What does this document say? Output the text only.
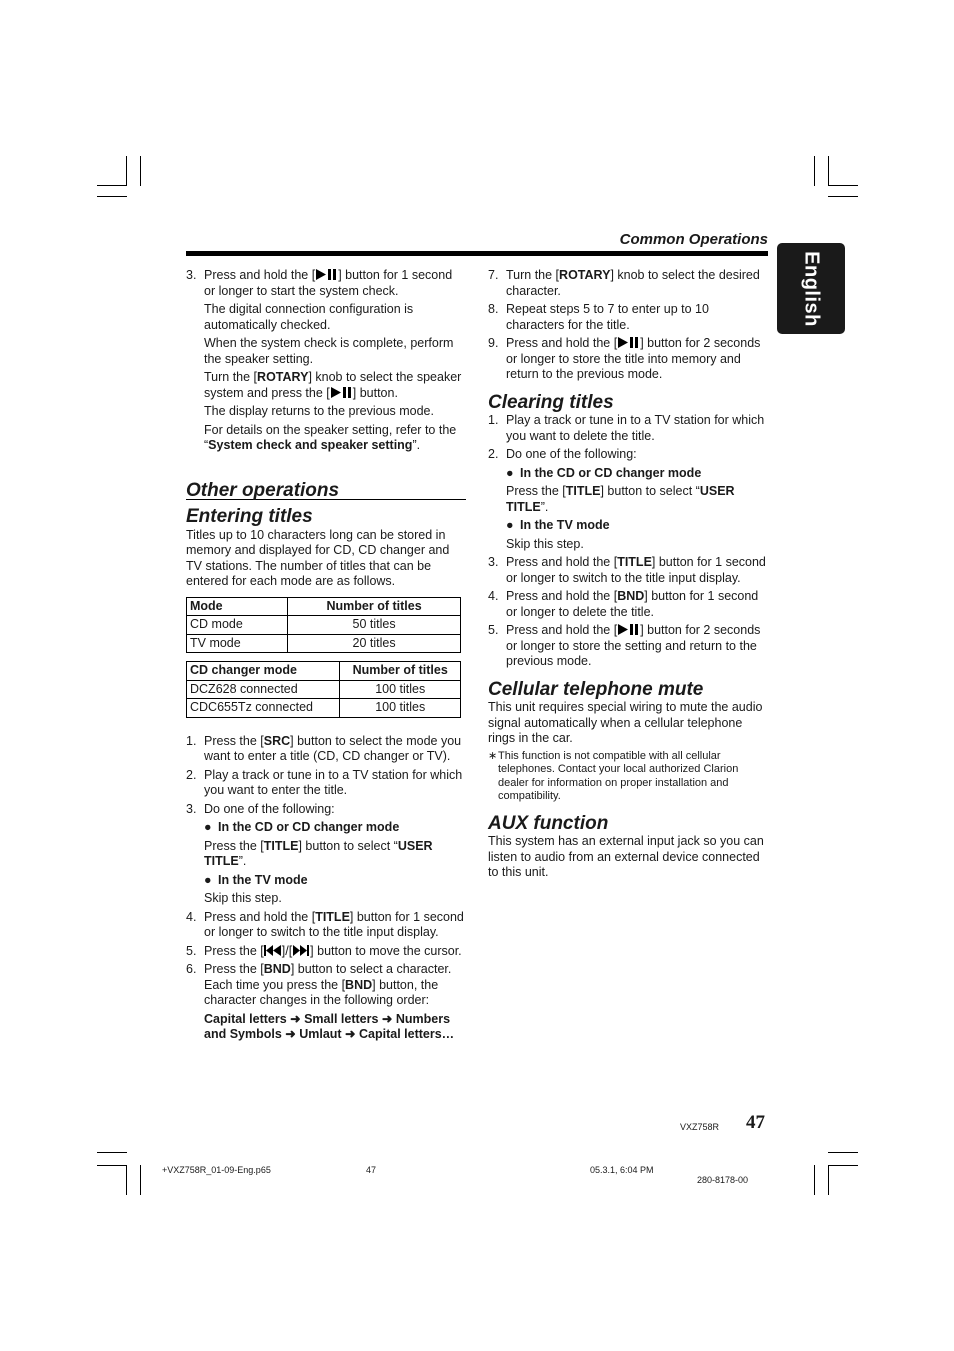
English
Common Operations
3. Press and hold the [ ] button for 1 second or longer to start the system check.
The digital connection configuration is automatically checked.
When the system check is complete, perform the speaker setting.
Turn the [ROTARY] knob to select the speaker system and press the [ ] button.
The display returns to the previous mode.
For details on the speaker setting, refer to the “System check and speaker setting”.
Other operations
Entering titles

Titles up to 10 characters long can be stored in memory and displayed for CD, CD changer and TV stations. The number of titles that can be entered for each mode are as follows.

Mode	Number of titles
CD mode	50 titles
TV mode	20 titles
CD changer mode	Number of titles
DCZ628 connected	100 titles
CDC655Tz connected	100 titles
1. Press the [SRC] button to select the mode you want to enter a title (CD, CD changer or TV).
2. Play a track or tune in to a TV station for which you want to enter the title.
3. Do one of the following:
● In the CD or CD changer mode
Press the [TITLE] button to select “USER TITLE”.
● In the TV mode
Skip this step.
4. Press and hold the [TITLE] button for 1 second or longer to switch to the title input display.
5. Press the [ ]/[ ] button to move the cursor.
6. Press the [BND] button to select a character. Each time you press the [BND] button, the character changes in the following order:
Capital letters ➜ Small letters ➜ Numbers and Symbols ➜ Umlaut ➜ Capital letters…
7. Turn the [ROTARY] knob to select the desired character.
8. Repeat steps 5 to 7 to enter up to 10 characters for the title.
9. Press and hold the [ ] button for 2 seconds or longer to store the title into memory and return to the previous mode.
Clearing titles
1. Play a track or tune in to a TV station for which you want to delete the title.
2. Do one of the following:
● In the CD or CD changer mode
Press the [TITLE] button to select “USER TITLE”.
● In the TV mode
Skip this step.
3. Press and hold the [TITLE] button for 1 second or longer to switch to the title input display.
4. Press and hold the [BND] button for 1 second or longer to delete the title.
5. Press and hold the [ ] button for 2 seconds or longer to store the setting and return to the previous mode.
Cellular telephone mute

This unit requires special wiring to mute the audio signal automatically when a cellular telephone rings in the car.

∗ This function is not compatible with all cellular telephones. Contact your local authorized Clarion dealer for information on proper installation and compatibility.
AUX function

This system has an external input jack so you can listen to audio from an external device connected to this unit.

VXZ758R 47
+VXZ758R_01-09-Eng.p65	47	05.3.1, 6:04 PM
280-8178-00
